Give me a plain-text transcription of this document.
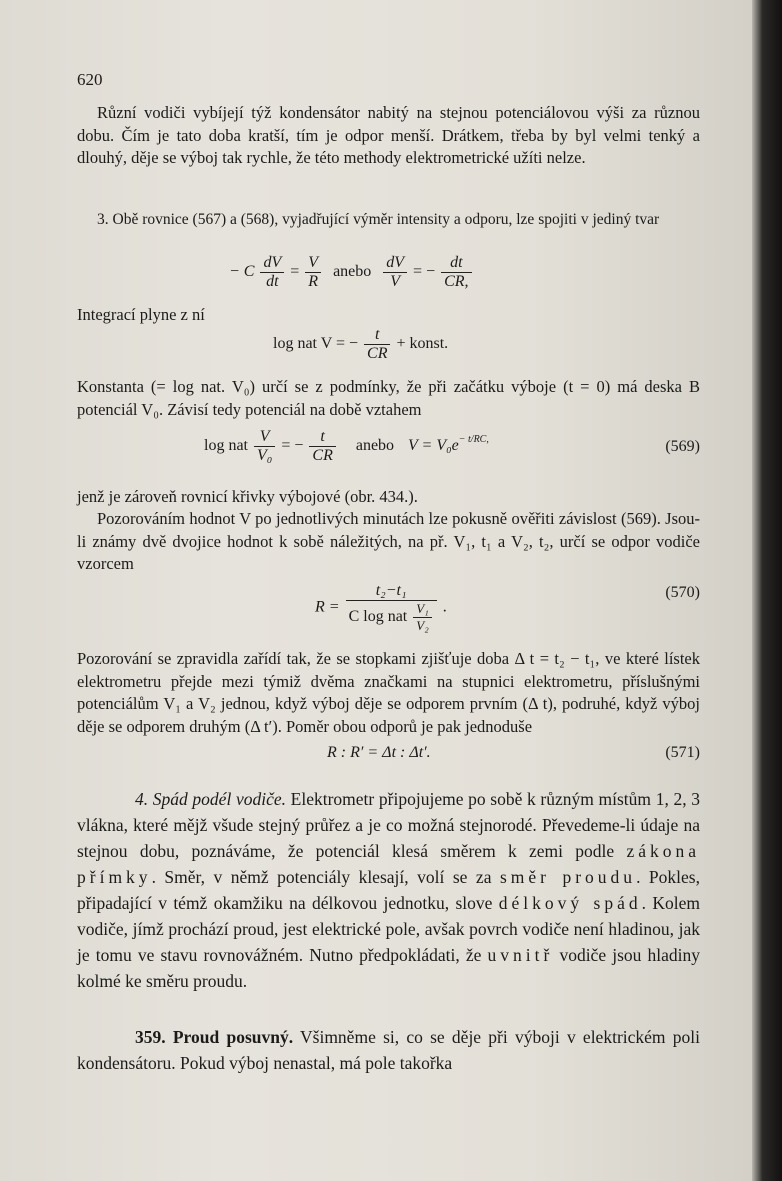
620

Různí vodiči vybíjejí týž kondensátor nabitý na stejnou potenciálovou výši za různou dobu. Čím je tato doba kratší, tím je odpor menší. Drátkem, třeba by byl velmi tenký a dlouhý, děje se výboj tak rychle, že této methody elektrometrické užíti nelze.

3. Obě rovnice (567) a (568), vyjadřující výměr intensity a odporu, lze spojiti v jediný tvar

− C $\frac{dV}{dt} = \frac{V}{R}$ anebo $\frac{dV}{V}$ = − $\frac{dt}{CR,}$

Integrací plyne z ní

log nat V = − $\frac{t}{CR}$ + konst.

Konstanta (= log nat. V₀) určí se z podmínky, že při začátku výboje (t = 0) má deska B potenciál V₀. Závisí tedy potenciál na době vztahem

log nat $\frac{V}{\text{V₀}}$ = − $\frac{t}{CR}$ anebo $V = V_0e^{- t/RC,}$	(569)

jenž je zároveň rovnicí křivky výbojové (obr. 434.).

Pozorováním hodnot V po jednotlivých minutách lze pokusně ověřiti závislost (569). Jsou-li známy dvě dvojice hodnot k sobě náležitých, na př. V₁, t₁ a V₂, t₂, určí se odpor vodiče vzorcem

$R = \frac{\text{t₂−t₁}}{C \log nat \frac{\text{V₁}}{\text{V₂}}}$ .
(570)

Pozorování se zpravidla zařídí tak, že se stopkami zjišťuje doba Δ t = t₂ − t₁, ve které lístek elektrometru přejde mezi týmiž dvěma značkami na stupnici elektrometru, příslušnými potenciálům V₁ a V₂ jednou, když výboj děje se odporem prvním (Δ t), podruhé, když výboj děje se odporem druhým (Δ t′). Poměr obou odporů je pak jednoduše

R : R′ = Δt : Δt′.	(571)

4. Spád podél vodiče. Elektrometr připojujeme po sobě k různým místům 1, 2, 3 vlákna, které mějž všude stejný průřez a je co možná stejnorodé. Převedeme-li údaje na stejnou dobu, poznáváme, že potenciál klesá směrem k zemi podle zákona přímky. Směr, v němž potenciály klesají, volí se za směr proudu. Pokles, připadající v témž okamžiku na délkovou jednotku, slove délkový spád. Kolem vodiče, jímž prochází proud, jest elektrické pole, avšak povrch vodiče není hladinou, jak je tomu ve stavu rovnovážném. Nutno předpokládati, že uvnitř vodiče jsou hladiny kolmé ke směru proudu.

359. Proud posuvný. Všimněme si, co se děje při výboji v elektrickém poli kondensátoru. Pokud výboj nenastal, má pole takořka
